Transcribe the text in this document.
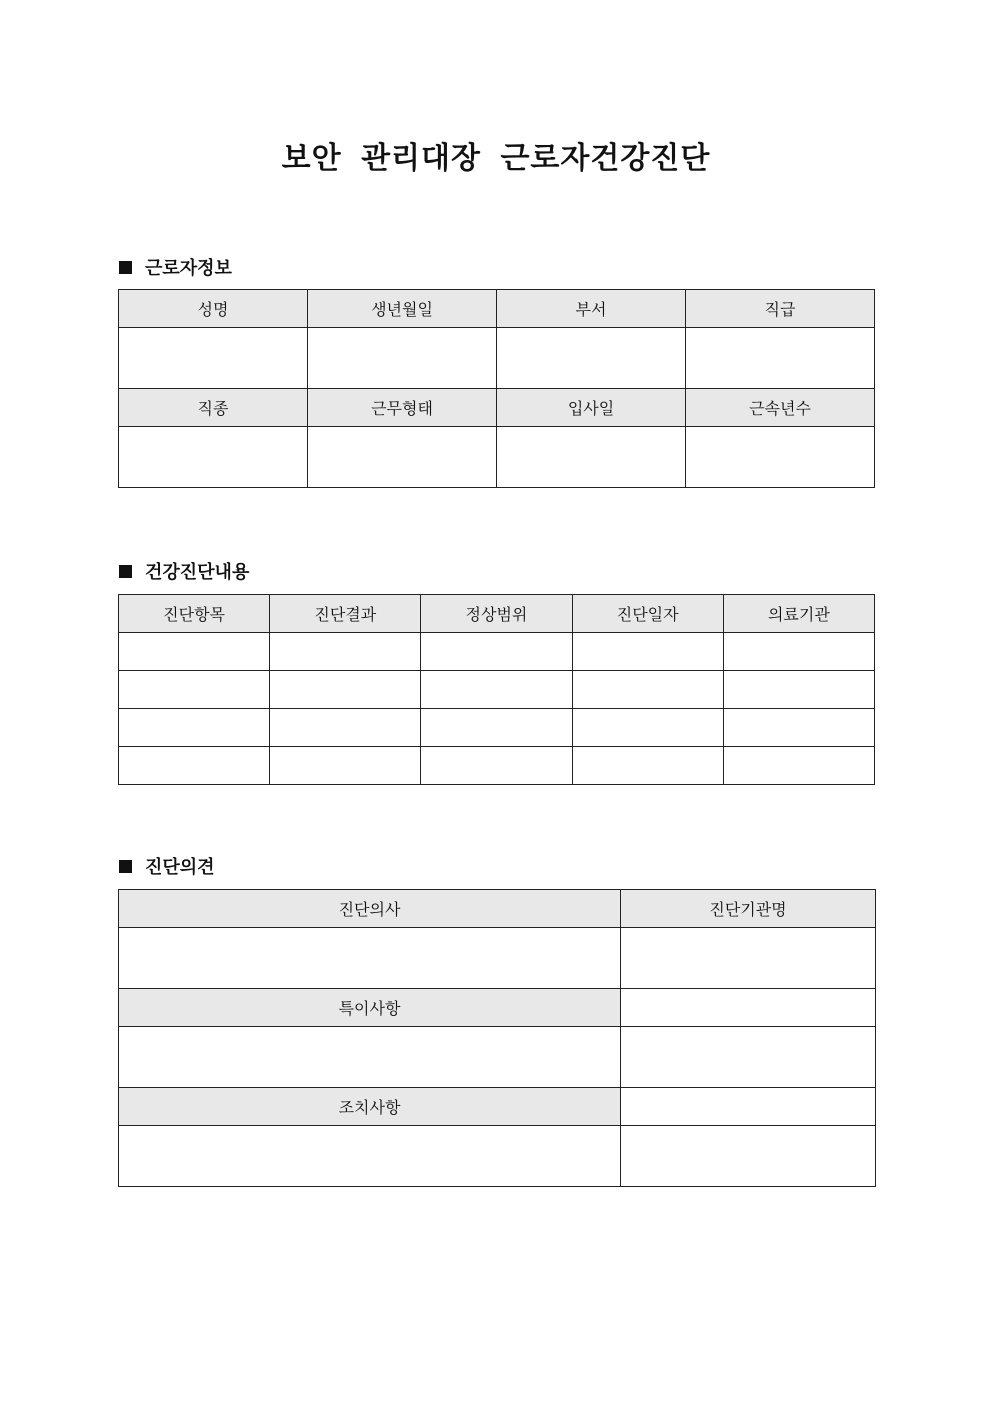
보안 관리대장 근로자건강진단
근로자정보
성명	생년월일	부서	직급

직종	근무형태	입사일	근속년수

건강진단내용
진단항목	진단결과	정상범위	진단일자	의료기관

진단의견
진단의사	진단기관명

특이사항	

조치사항	
